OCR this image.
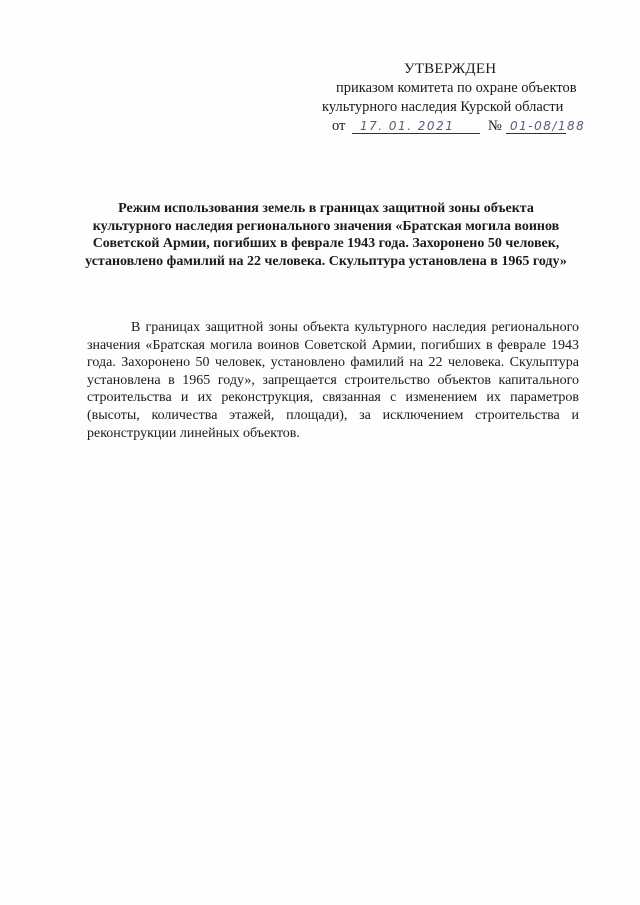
УТВЕРЖДЕН
приказом комитета по охране объектов
культурного наследия Курской области
от 17. 01. 2021 № 01-08/188

Режим использования земель в границах защитной зоны объекта культурного наследия регионального значения «Братская могила воинов Советской Армии, погибших в феврале 1943 года. Захоронено 50 человек, установлено фамилий на 22 человека. Скульптура установлена в 1965 году»

В границах защитной зоны объекта культурного наследия регионального значения «Братская могила воинов Советской Армии, погибших в феврале 1943 года. Захоронено 50 человек, установлено фамилий на 22 человека. Скульптура установлена в 1965 году», запрещается строительство объектов капитального строительства и их реконструкция, связанная с изменением их параметров (высоты, количества этажей, площади), за исключением строительства и реконструкции линейных объектов.
